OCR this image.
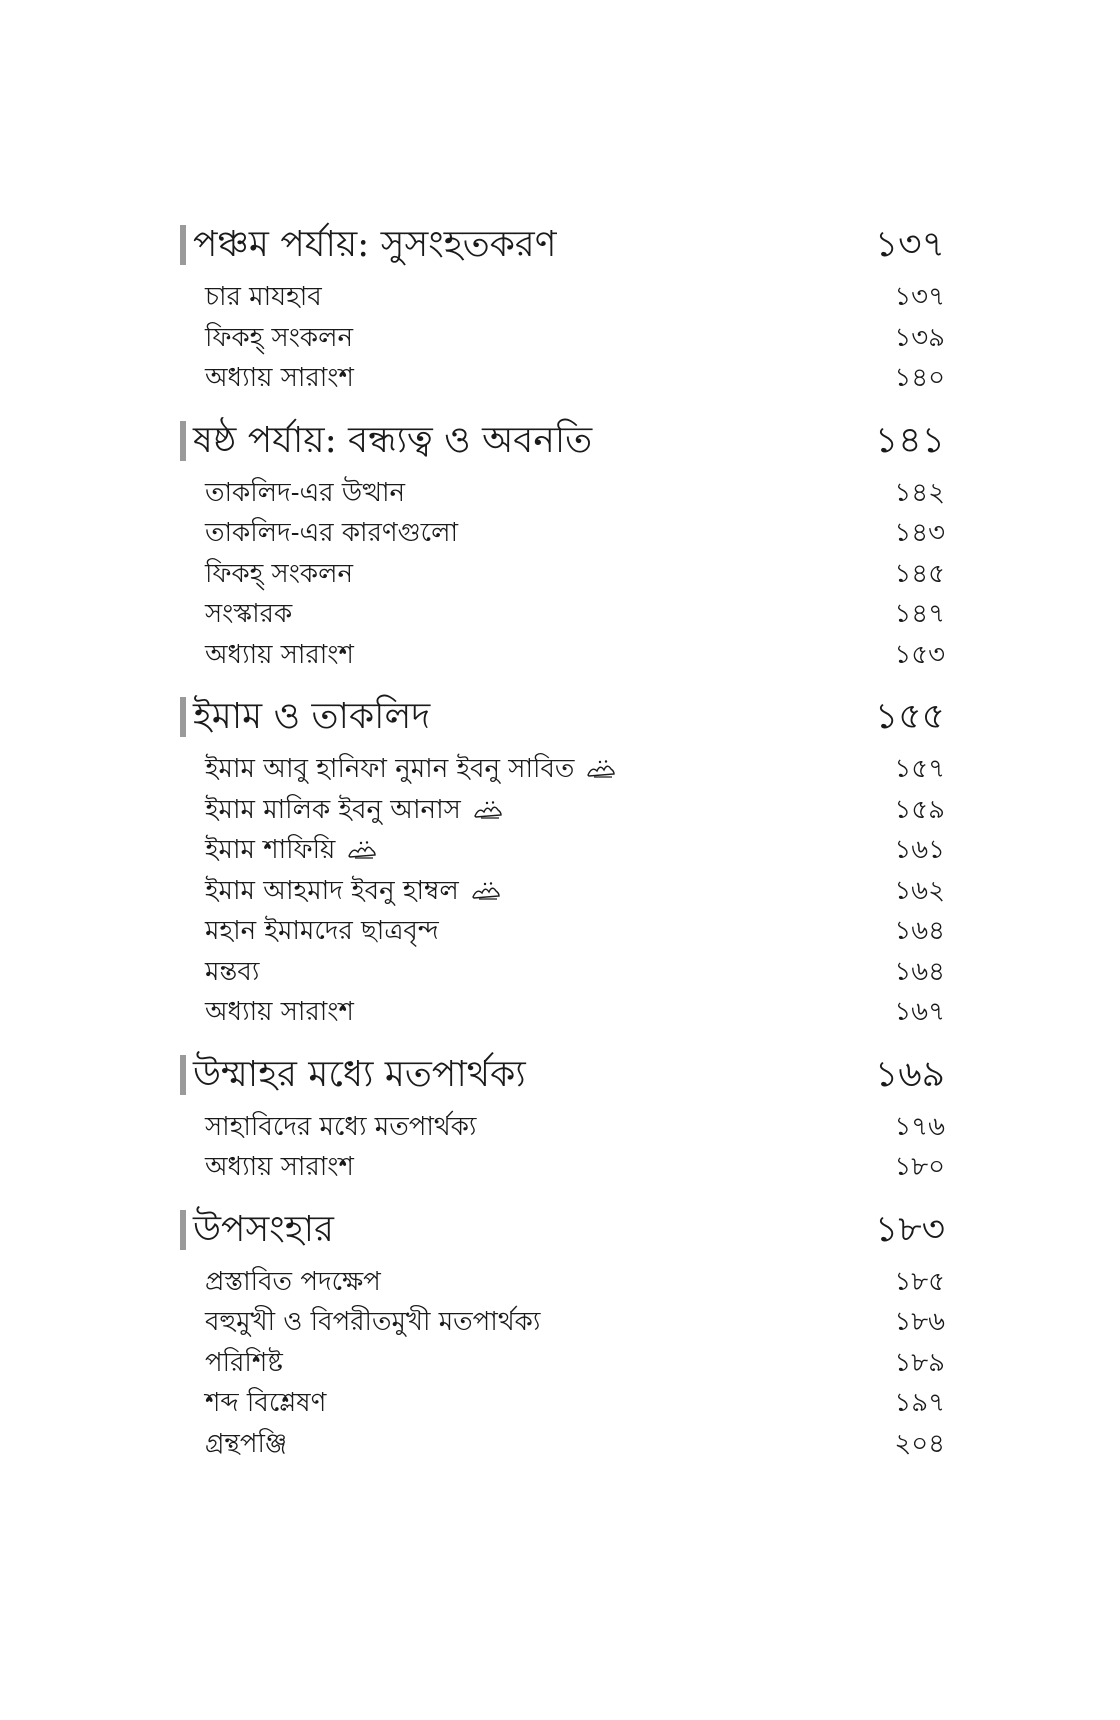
পঞ্চম পর্যায়: সুসংহতকরণ	১৩৭
চার মাযহাব	১৩৭
ফিকহ্ সংকলন	১৩৯
অধ্যায় সারাংশ	১৪০
ষষ্ঠ পর্যায়: বন্ধ্যত্ব ও অবনতি	১৪১
তাকলিদ-এর উত্থান	১৪২
তাকলিদ-এর কারণগুলো	১৪৩
ফিকহ্ সংকলন	১৪৫
সংস্কারক	১৪৭
অধ্যায় সারাংশ	১৫৩
ইমাম ও তাকলিদ	১৫৫
ইমাম আবু হানিফা নুমান ইবনু সাবিত	১৫৭
ইমাম মালিক ইবনু আনাস	১৫৯
ইমাম শাফিয়ি	১৬১
ইমাম আহমাদ ইবনু হাম্বল	১৬২
মহান ইমামদের ছাত্রবৃন্দ	১৬৪
মন্তব্য	১৬৪
অধ্যায় সারাংশ	১৬৭
উম্মাহর মধ্যে মতপার্থক্য	১৬৯
সাহাবিদের মধ্যে মতপার্থক্য	১৭৬
অধ্যায় সারাংশ	১৮০
উপসংহার	১৮৩
প্রস্তাবিত পদক্ষেপ	১৮৫
বহুমুখী ও বিপরীতমুখী মতপার্থক্য	১৮৬
পরিশিষ্ট	১৮৯
শব্দ বিশ্লেষণ	১৯৭
গ্রন্থপঞ্জি	২০৪
